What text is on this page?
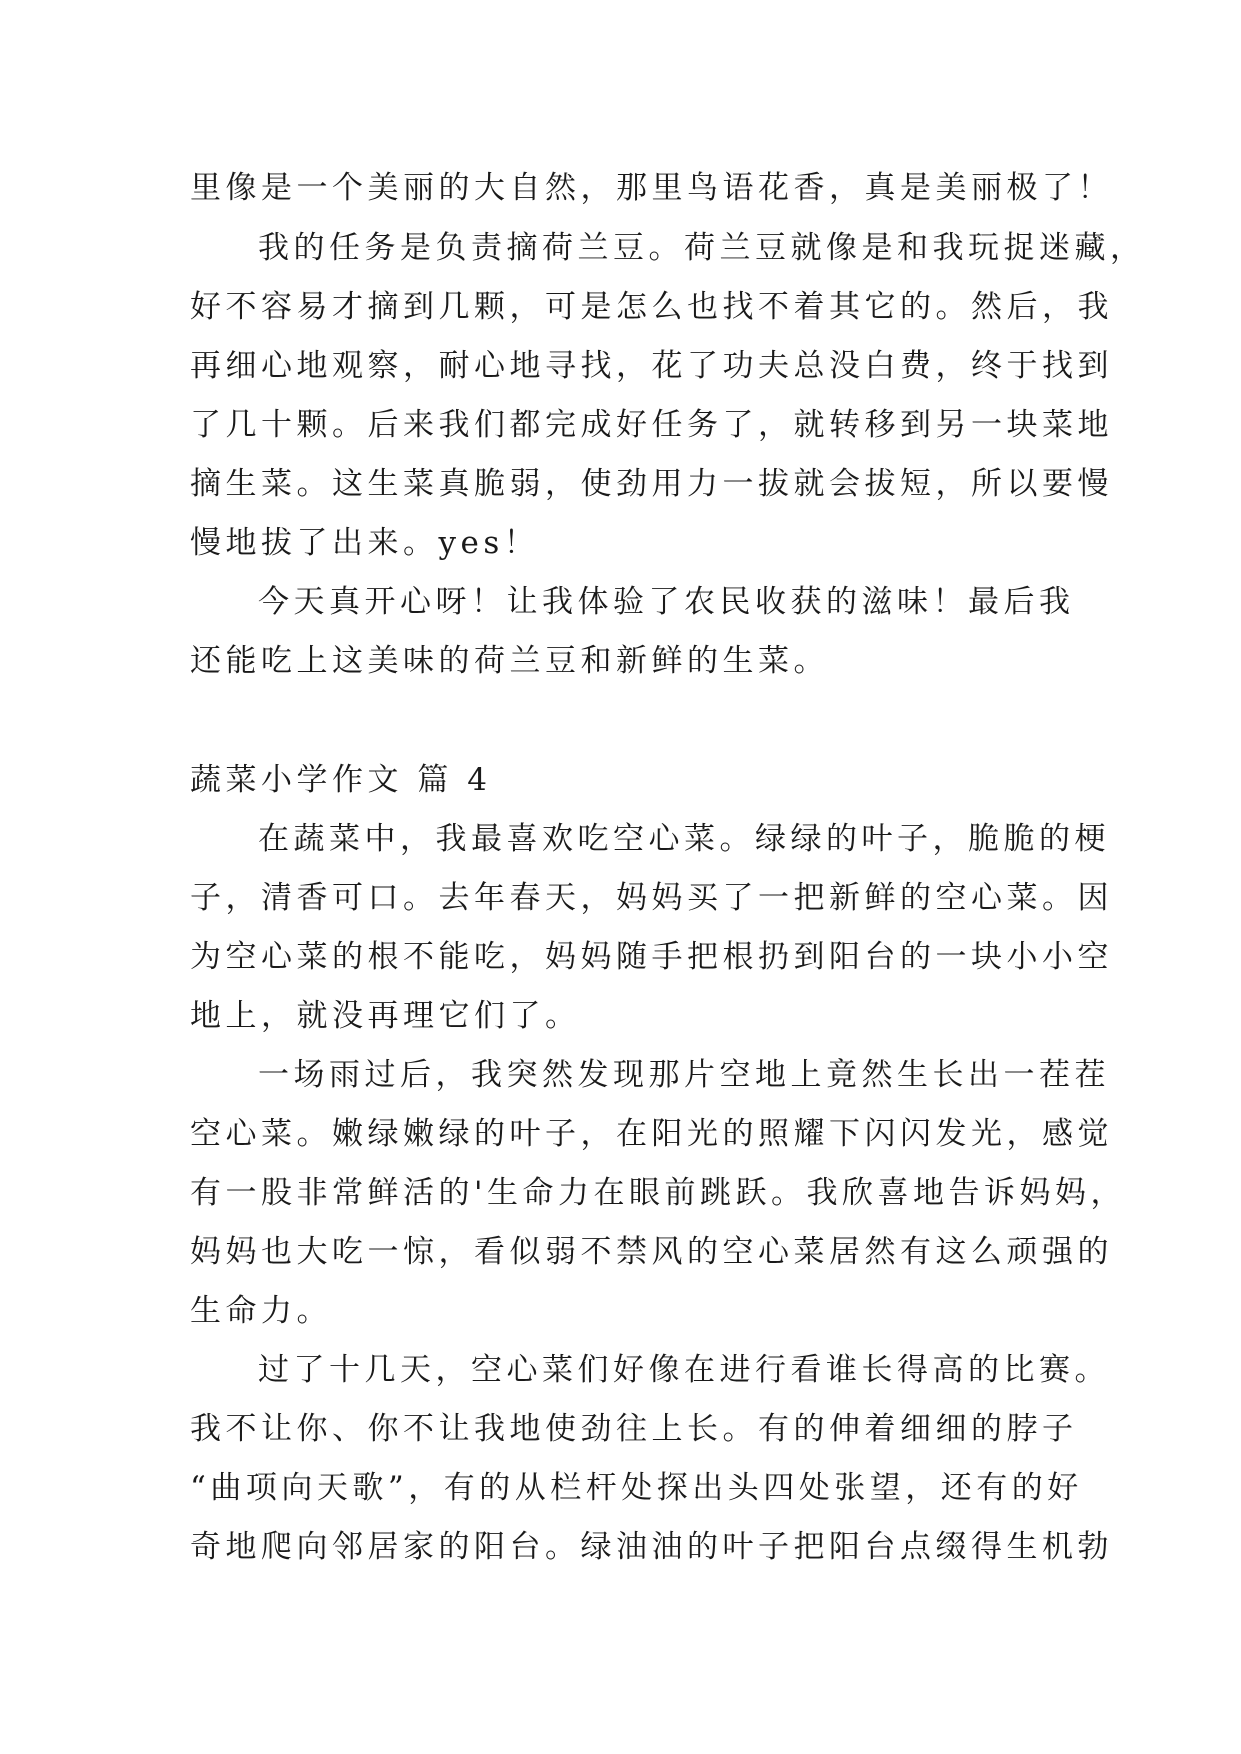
里像是一个美丽的大自然，那里鸟语花香，真是美丽极了！
我的任务是负责摘荷兰豆。荷兰豆就像是和我玩捉迷藏，
好不容易才摘到几颗，可是怎么也找不着其它的。然后，我
再细心地观察，耐心地寻找，花了功夫总没白费，终于找到
了几十颗。后来我们都完成好任务了，就转移到另一块菜地
摘生菜。这生菜真脆弱，使劲用力一拔就会拔短，所以要慢
慢地拔了出来。yes！
今天真开心呀！让我体验了农民收获的滋味！最后我
还能吃上这美味的荷兰豆和新鲜的生菜。
蔬菜小学作文 篇 4
在蔬菜中，我最喜欢吃空心菜。绿绿的叶子，脆脆的梗
子，清香可口。去年春天，妈妈买了一把新鲜的空心菜。因
为空心菜的根不能吃，妈妈随手把根扔到阳台的一块小小空
地上，就没再理它们了。
一场雨过后，我突然发现那片空地上竟然生长出一茬茬
空心菜。嫩绿嫩绿的叶子，在阳光的照耀下闪闪发光，感觉
有一股非常鲜活的'生命力在眼前跳跃。我欣喜地告诉妈妈，
妈妈也大吃一惊，看似弱不禁风的空心菜居然有这么顽强的
生命力。
过了十几天，空心菜们好像在进行看谁长得高的比赛。
我不让你、你不让我地使劲往上长。有的伸着细细的脖子
“曲项向天歌”，有的从栏杆处探出头四处张望，还有的好
奇地爬向邻居家的阳台。绿油油的叶子把阳台点缀得生机勃
